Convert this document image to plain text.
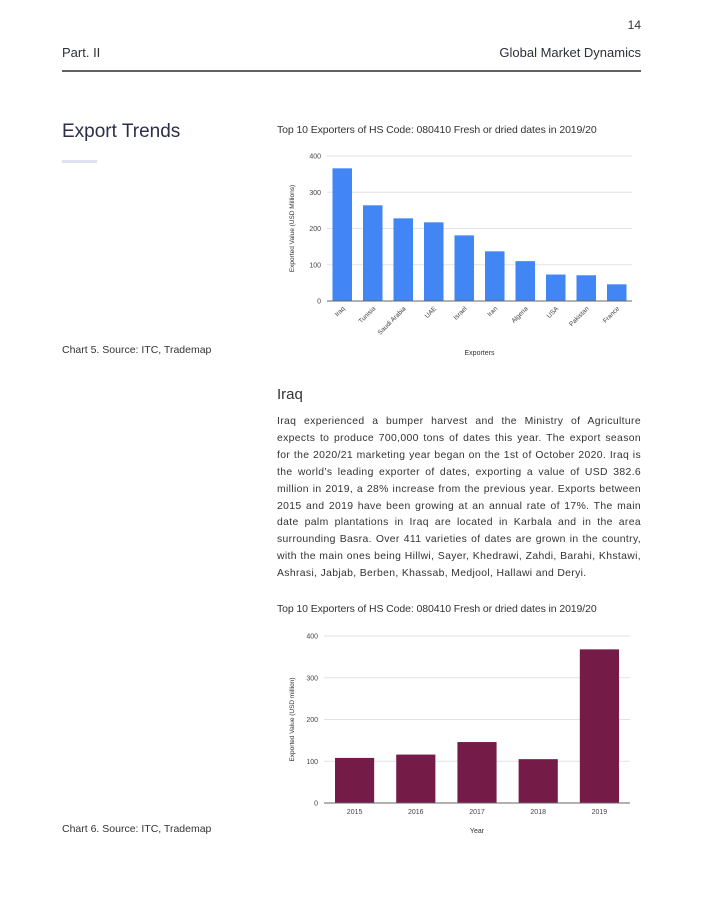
14
Part. II	Global Market Dynamics
Export Trends	Top 10 Exporters of HS Code: 080410 Fresh or dried dates in 2019/20
0
100
200
300
400
Iraq Tunisia Saudi Arabia UAE Israel	Iran Algeria USA Pakistan France
Exporters
Exported Value (USD Millions)
Chart 5. Source: ITC, Trademap
Iraq
Iraq experienced a bumper harvest and the Ministry of Agriculture expects to produce 700,000 tons of dates this year. The export season for the 2020/21 marketing year began on the 1st of October 2020. Iraq is the world’s leading exporter of dates, exporting a value of USD 382.6 million in 2019, a 28% increase from the previous year. Exports between 2015 and 2019 have been growing at an annual rate of 17%. The main date palm plantations in Iraq are located in Karbala and in the area surrounding Basra. Over 411 varieties of dates are grown in the country, with the main ones being Hillwi, Sayer, Khedrawi, Zahdi, Barahi, Khstawi, Ashrasi, Jabjab, Berben, Khassab, Medjool, Hallawi and Deryi.
Top 10 Exporters of HS Code: 080410 Fresh or dried dates in 2019/20
0
100
200
300
400
2015	2016	2017	2018	2019
Year
Exported Value (USD million)
Chart 6. Source: ITC, Trademap
